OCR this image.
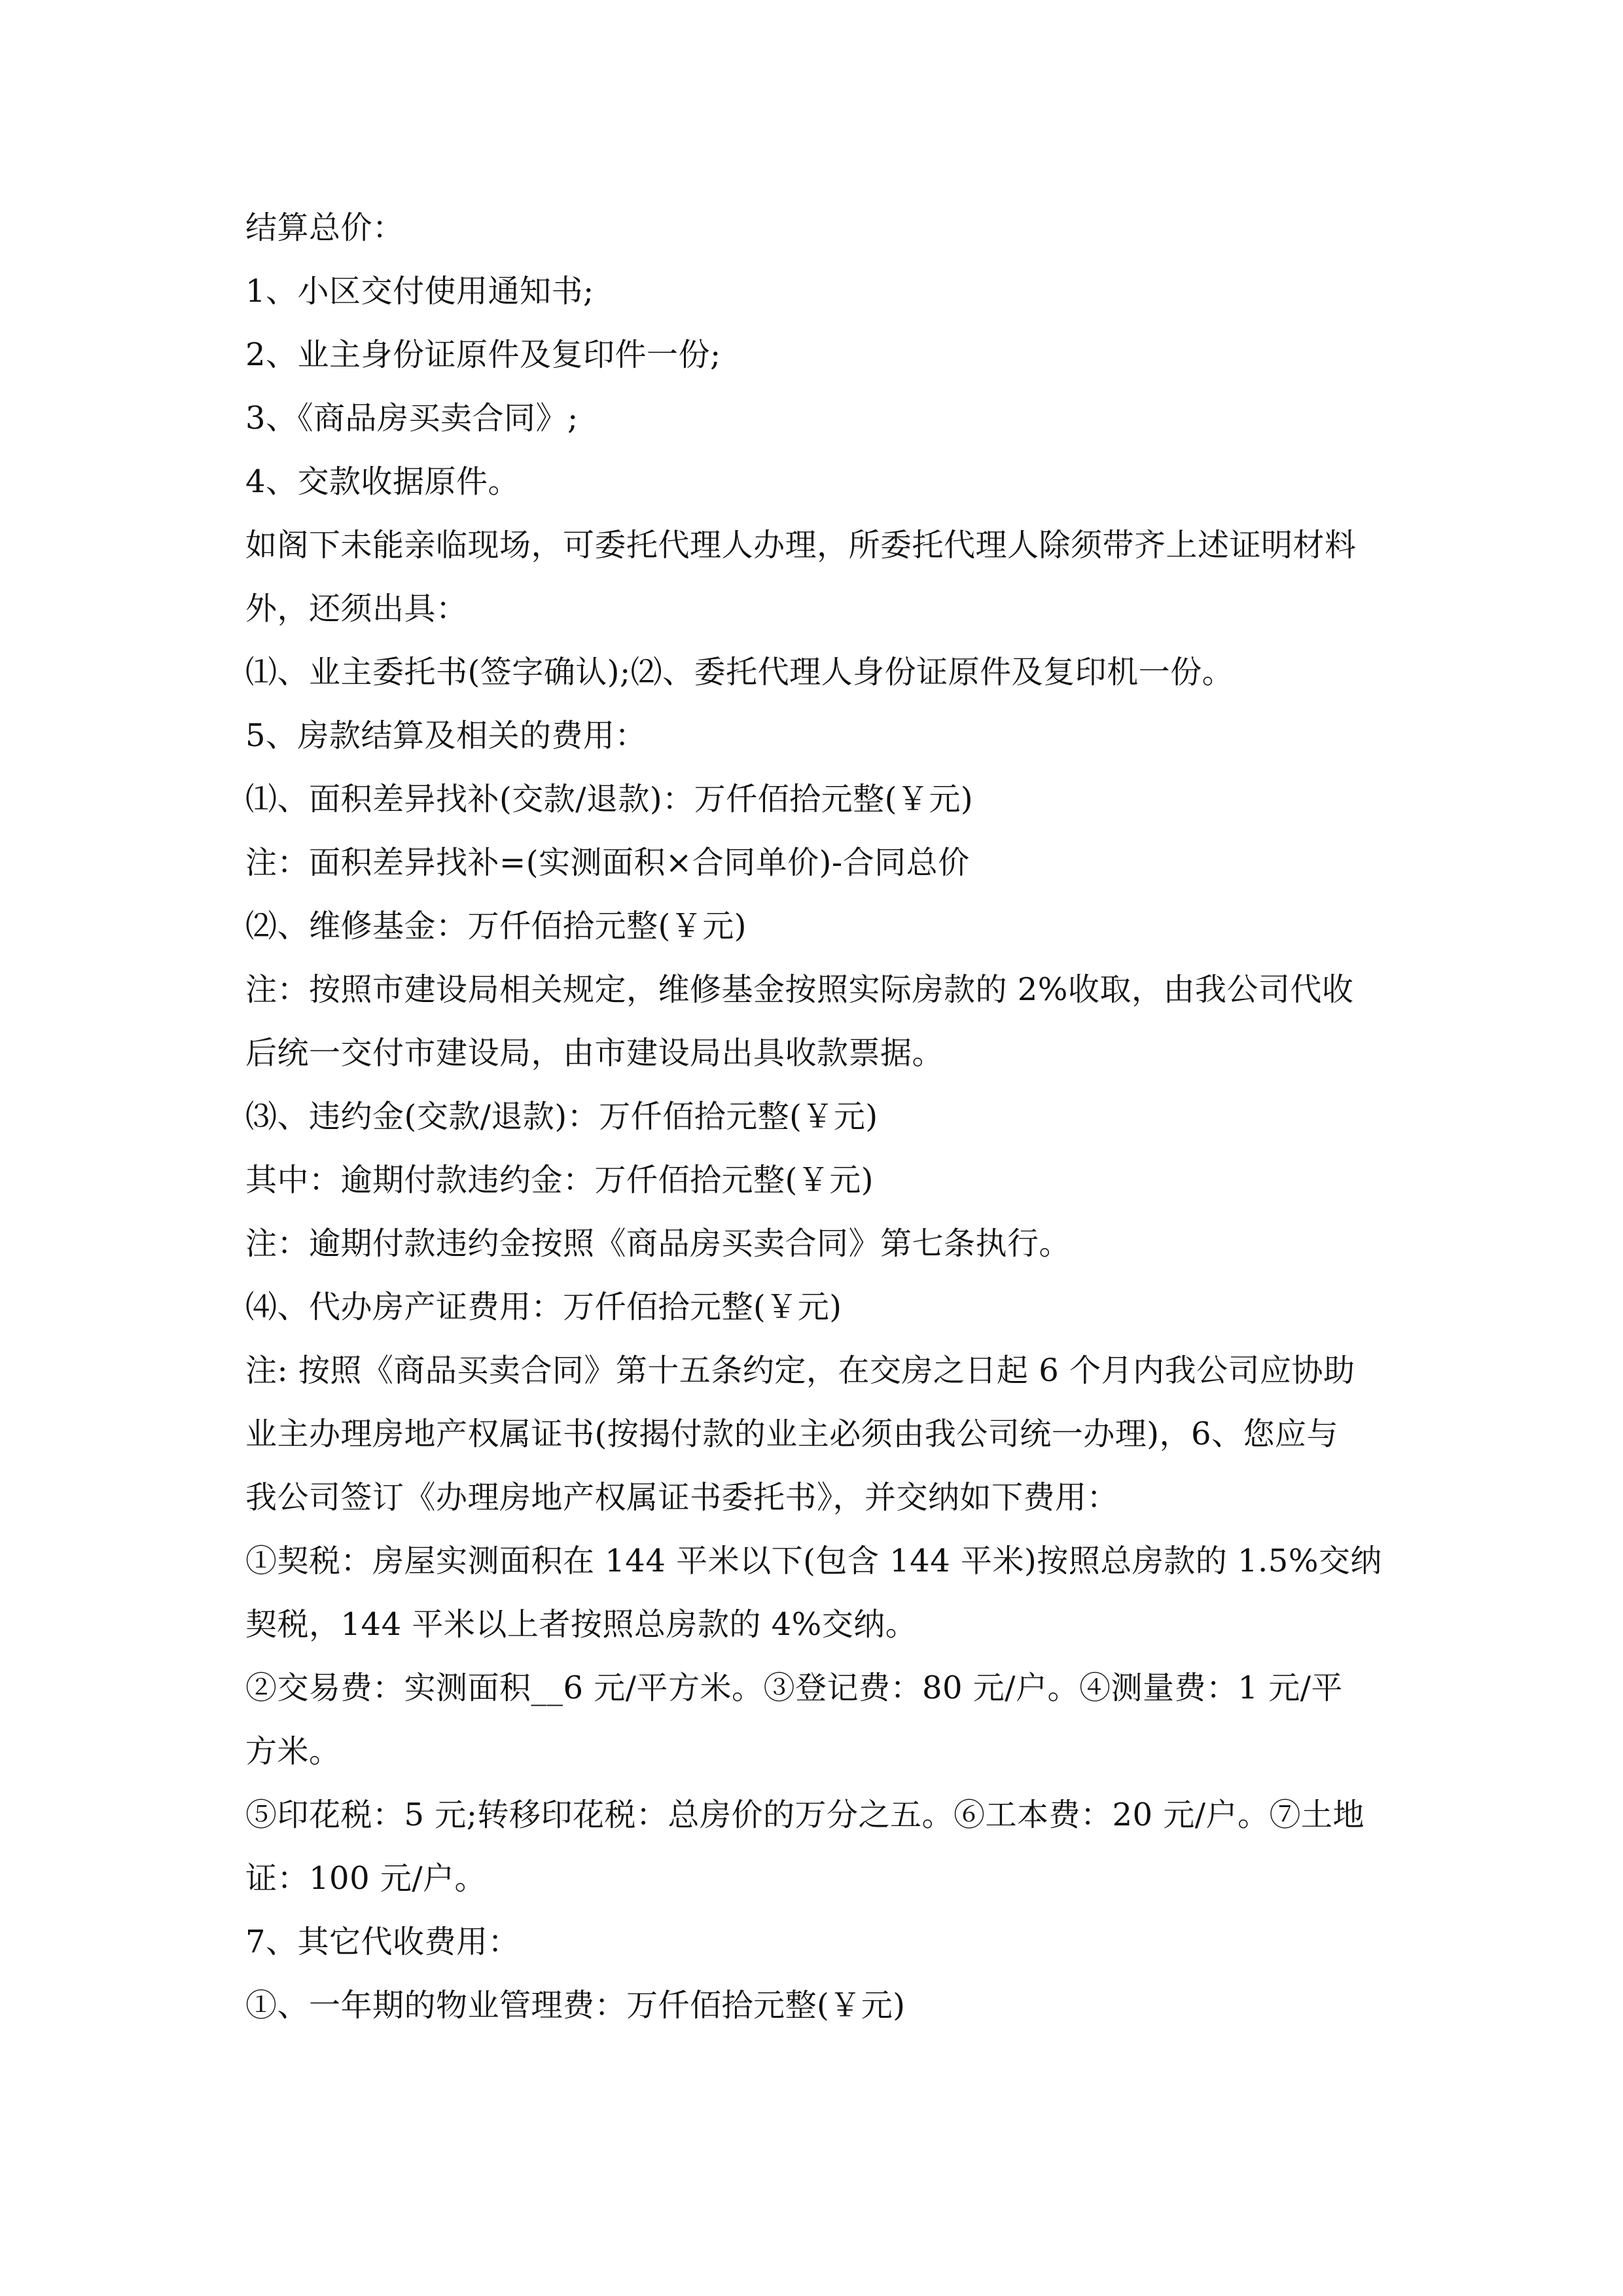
结算总价：
1、小区交付使用通知书;
2、业主身份证原件及复印件一份;
3、《商品房买卖合同》;
4、交款收据原件。
如阁下未能亲临现场，可委托代理人办理，所委托代理人除须带齐上述证明材料
外，还须出具：
⑴、业主委托书(签字确认);⑵、委托代理人身份证原件及复印机一份。
5、房款结算及相关的费用：
⑴、面积差异找补(交款/退款)：万仟佰拾元整(￥元)
注：面积差异找补=(实测面积×合同单价)-合同总价
⑵、维修基金：万仟佰拾元整(￥元)
注：按照市建设局相关规定，维修基金按照实际房款的 2%收取，由我公司代收
后统一交付市建设局，由市建设局出具收款票据。
⑶、违约金(交款/退款)：万仟佰拾元整(￥元)
其中：逾期付款违约金：万仟佰拾元整(￥元)
注：逾期付款违约金按照《商品房买卖合同》第七条执行。
⑷、代办房产证费用：万仟佰拾元整(￥元)
注: 按照《商品买卖合同》第十五条约定，在交房之日起 6 个月内我公司应协助
业主办理房地产权属证书(按揭付款的业主必须由我公司统一办理)，6、您应与
我公司签订《办理房地产权属证书委托书》，并交纳如下费用：
①契税：房屋实测面积在 144 平米以下(包含 144 平米)按照总房款的 1.5%交纳
契税，144 平米以上者按照总房款的 4%交纳。
②交易费：实测面积__6 元/平方米。③登记费：80 元/户。④测量费：1 元/平
方米。
⑤印花税：5 元;转移印花税：总房价的万分之五。⑥工本费：20 元/户。⑦土地
证：100 元/户。
7、其它代收费用：
①、一年期的物业管理费：万仟佰拾元整(￥元)
